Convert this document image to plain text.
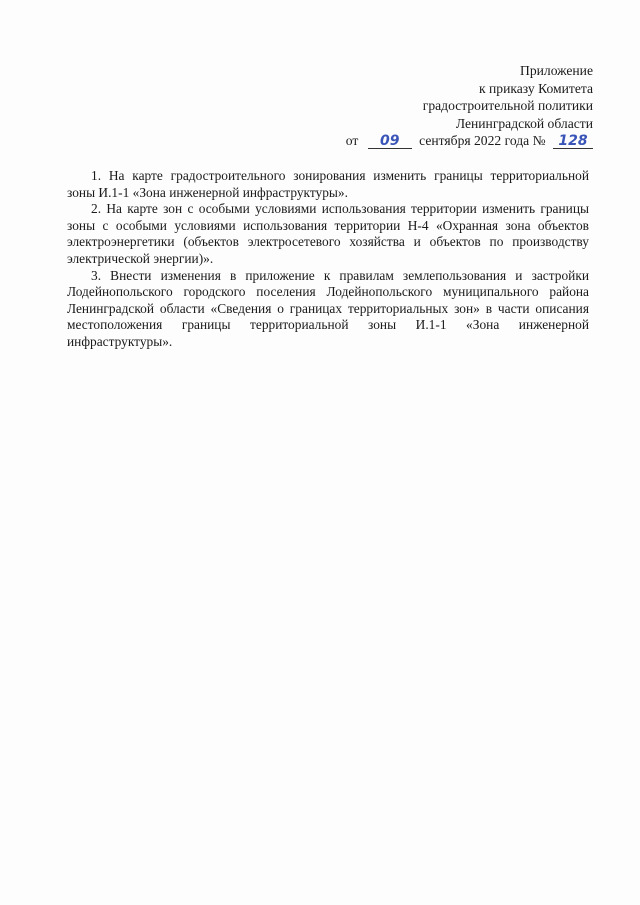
Приложение
к приказу Комитета
градостроительной политики
Ленинградской области
от 09 сентября 2022 года № 128

1. На карте градостроительного зонирования изменить границы территориальной зоны И.1-1 «Зона инженерной инфраструктуры».

2. На карте зон с особыми условиями использования территории изменить границы зоны с особыми условиями использования территории Н-4 «Охранная зона объектов электроэнергетики (объектов электросетевого хозяйства и объектов по производству электрической энергии)».

3. Внести изменения в приложение к правилам землепользования и застройки Лодейнопольского городского поселения Лодейнопольского муниципального района Ленинградской области «Сведения о границах территориальных зон» в части описания местоположения границы территориальной зоны И.1-1 «Зона инженерной инфраструктуры».
